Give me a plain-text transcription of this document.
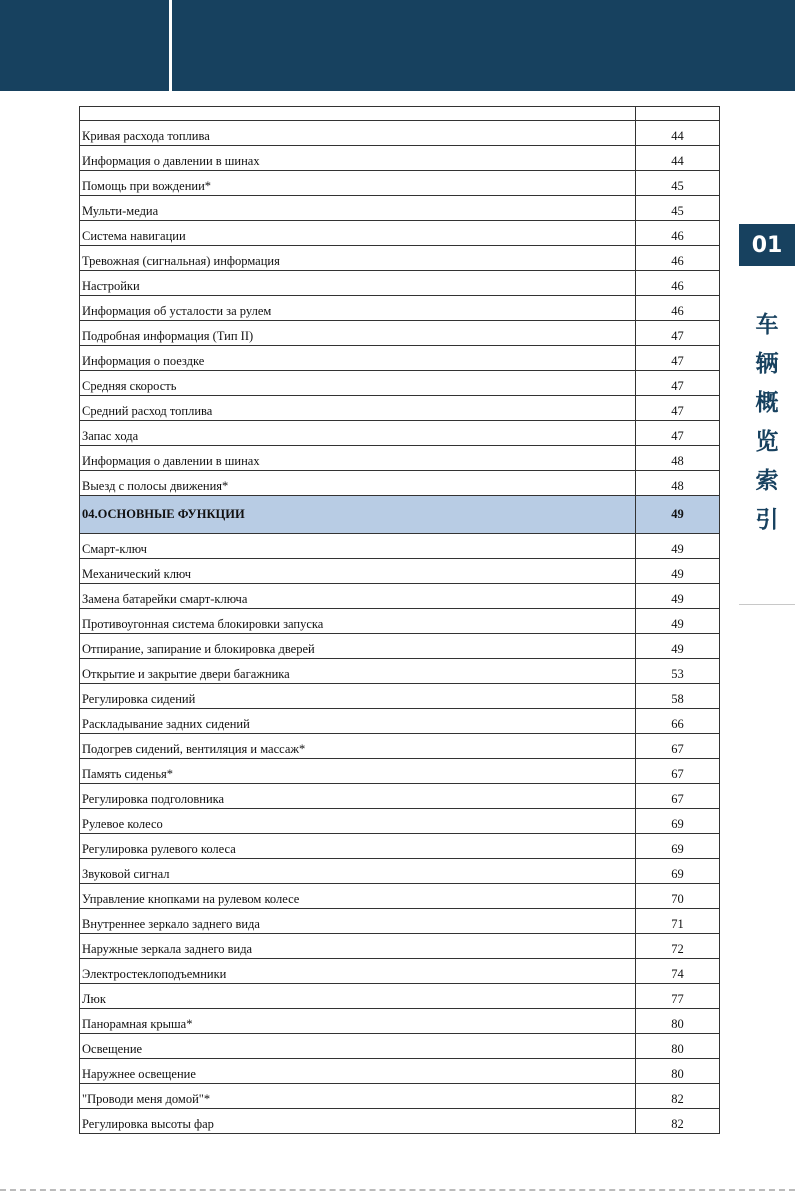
Кривая расхода топлива	44
Информация о давлении в шинах	44
Помощь при вождении*	45
Мульти-медиа	45
Система навигации	46
Тревожная (сигнальная) информация	46
Настройки	46
Информация об усталости за рулем	46
Подробная информация (Тип II)	47
Информация о поездке	47
Средняя скорость	47
Средний расход топлива	47
Запас хода	47
Информация о давлении в шинах	48
Выезд с полосы движения*	48
04.ОСНОВНЫЕ ФУНКЦИИ	49
Смарт-ключ	49
Механический ключ	49
Замена батарейки смарт-ключа	49
Противоугонная система блокировки запуска	49
Отпирание, запирание и блокировка дверей	49
Открытие и закрытие двери багажника	53
Регулировка сидений	58
Раскладывание задних сидений	66
Подогрев сидений, вентиляция и массаж*	67
Память сиденья*	67
Регулировка подголовника	67
Рулевое колесо	69
Регулировка рулевого колеса	69
Звуковой сигнал	69
Управление кнопками на рулевом колесе	70
Внутреннее зеркало заднего вида	71
Наружные зеркала заднего вида	72
Электростеклоподъемники	74
Люк	77
Панорамная крыша*	80
Освещение	80
Наружнее освещение	80
"Проводи меня домой"*	82
Регулировка высоты фар	82
01
车
辆
概
览
索
引
